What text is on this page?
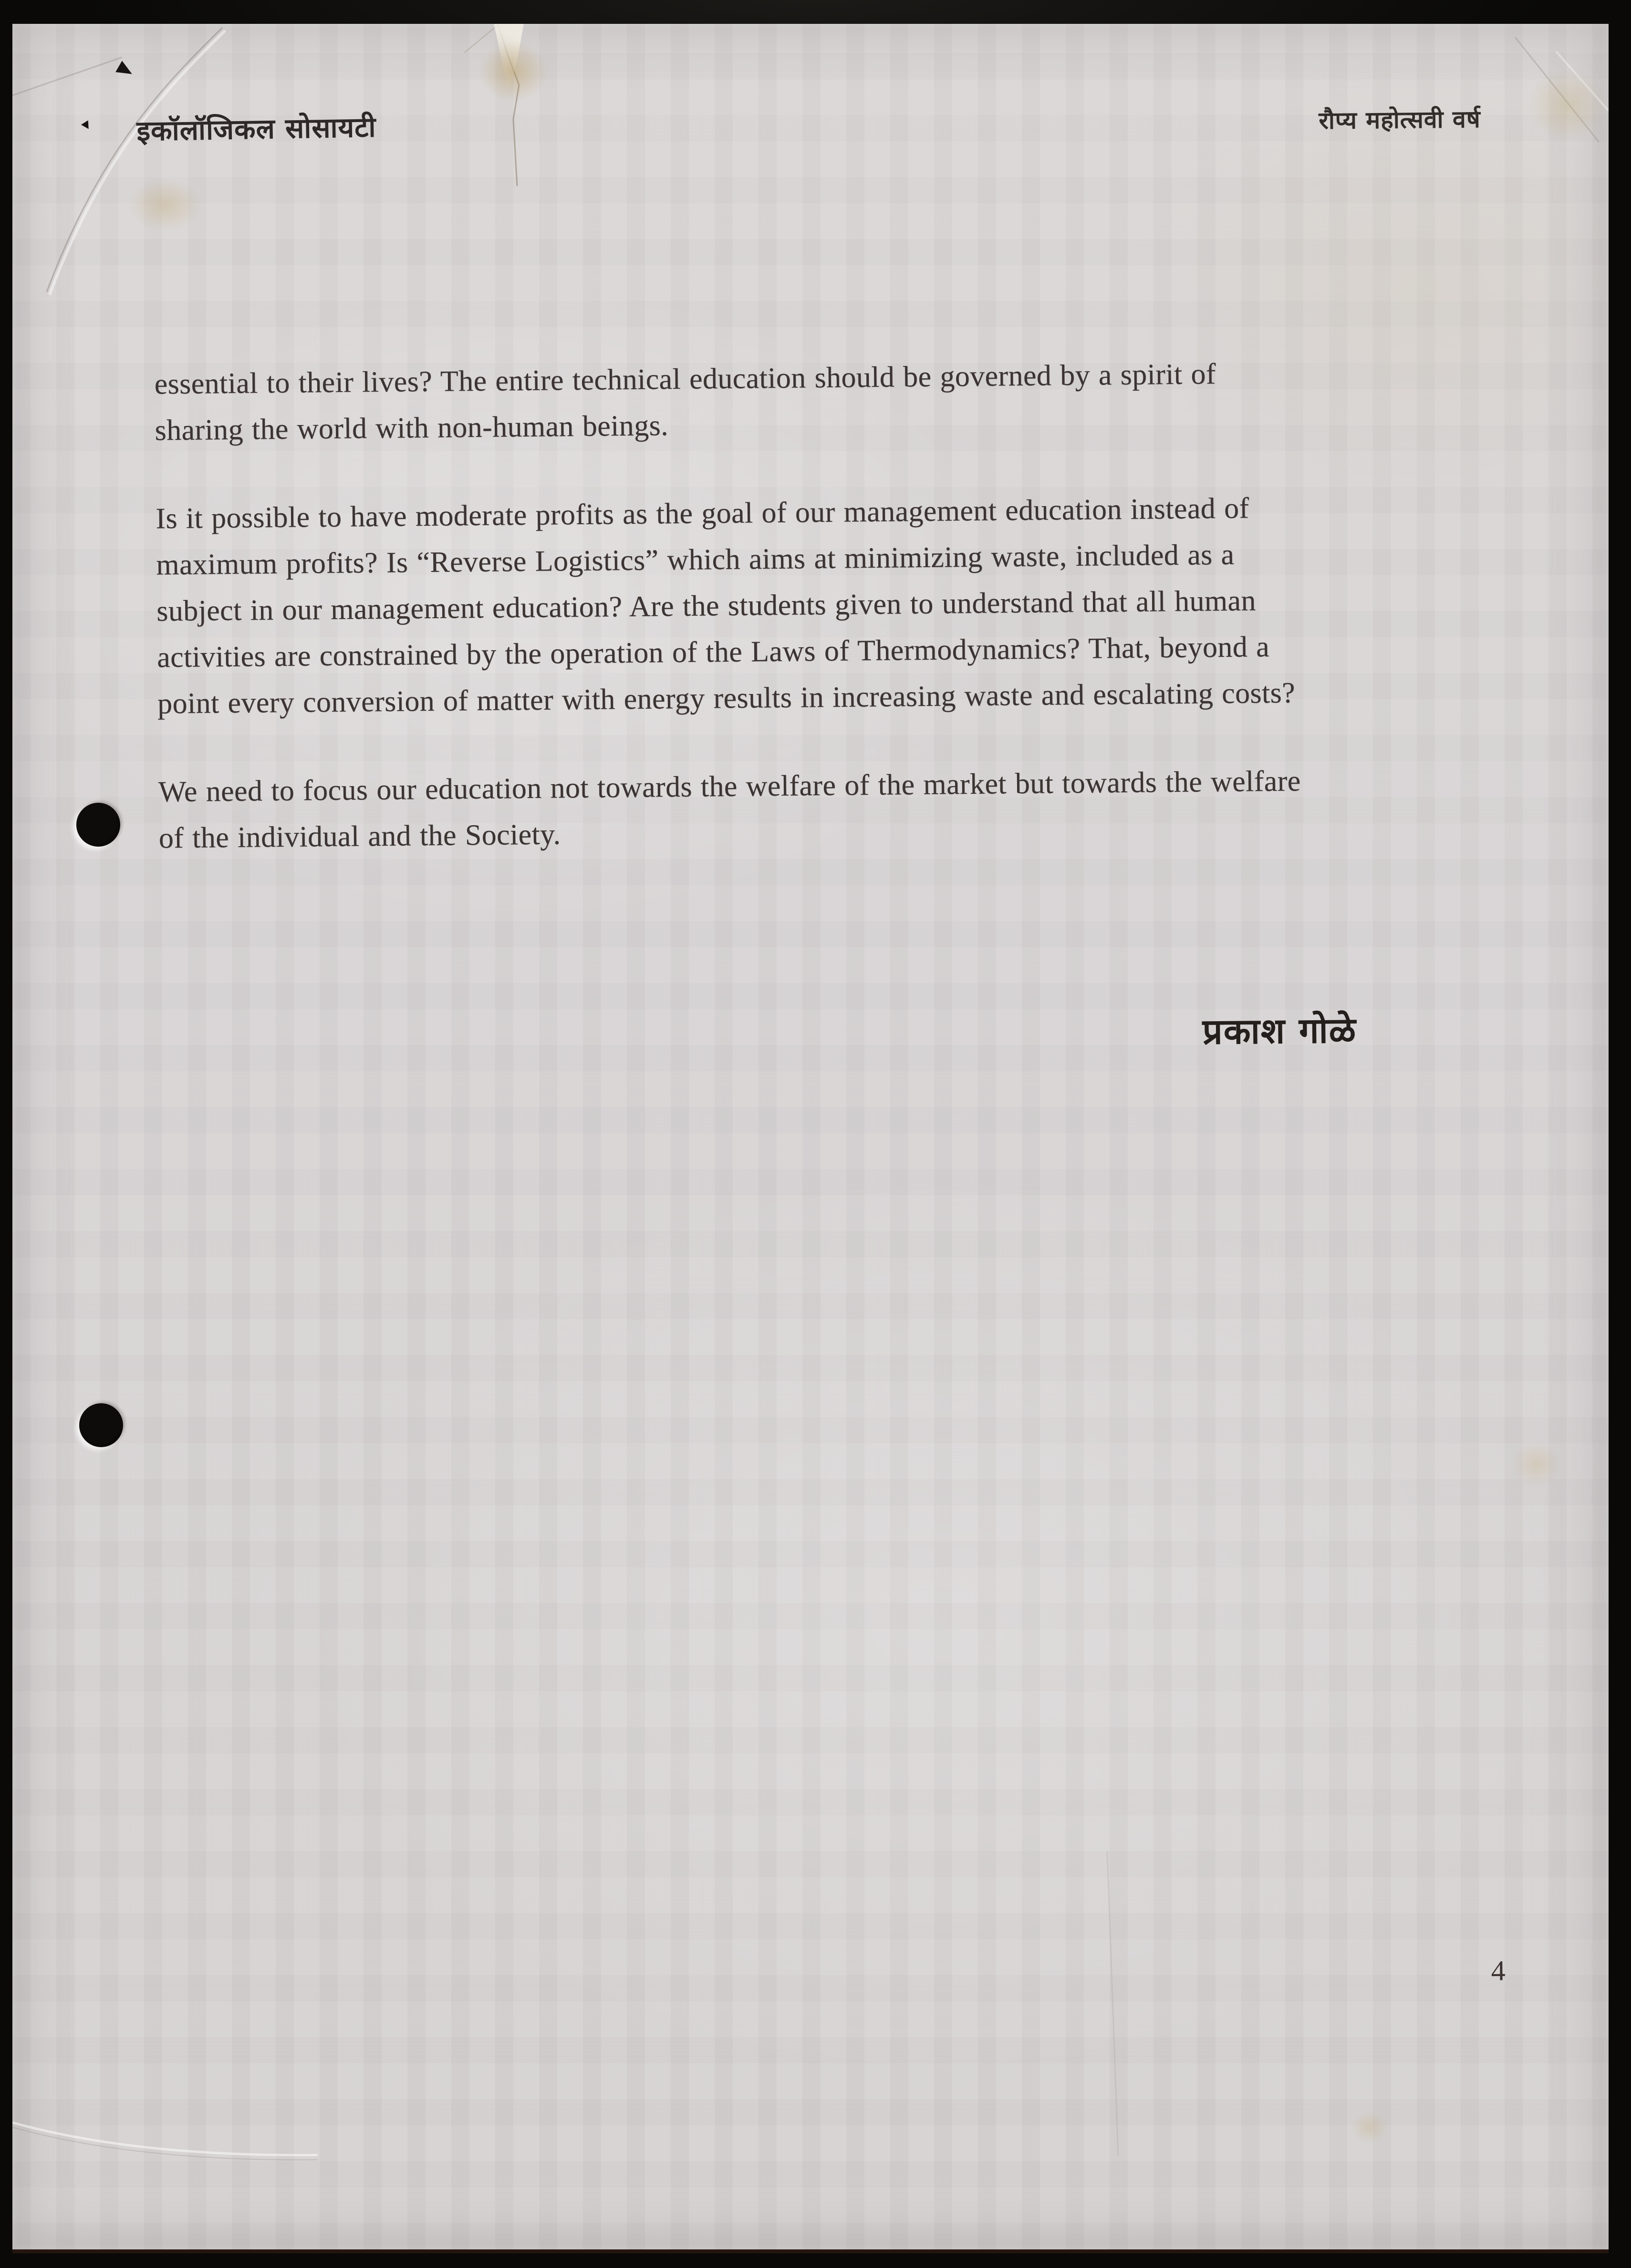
▶
▸ इकॉलॉजिकल सोसायटी	रौप्य महोत्सवी वर्ष
essential to their lives? The entire technical education should be governed by a spirit of
sharing the world with non-human beings.
Is it possible to have moderate profits as the goal of our management education instead of
maximum profits? Is “Reverse Logistics” which aims at minimizing waste, included as a
subject in our management education? Are the students given to understand that all human
activities are constrained by the operation of the Laws of Thermodynamics? That, beyond a
point every conversion of matter with energy results in increasing waste and escalating costs?
We need to focus our education not towards the welfare of the market but towards the welfare
of the individual and the Society.
प्रकाश गोळे
4
